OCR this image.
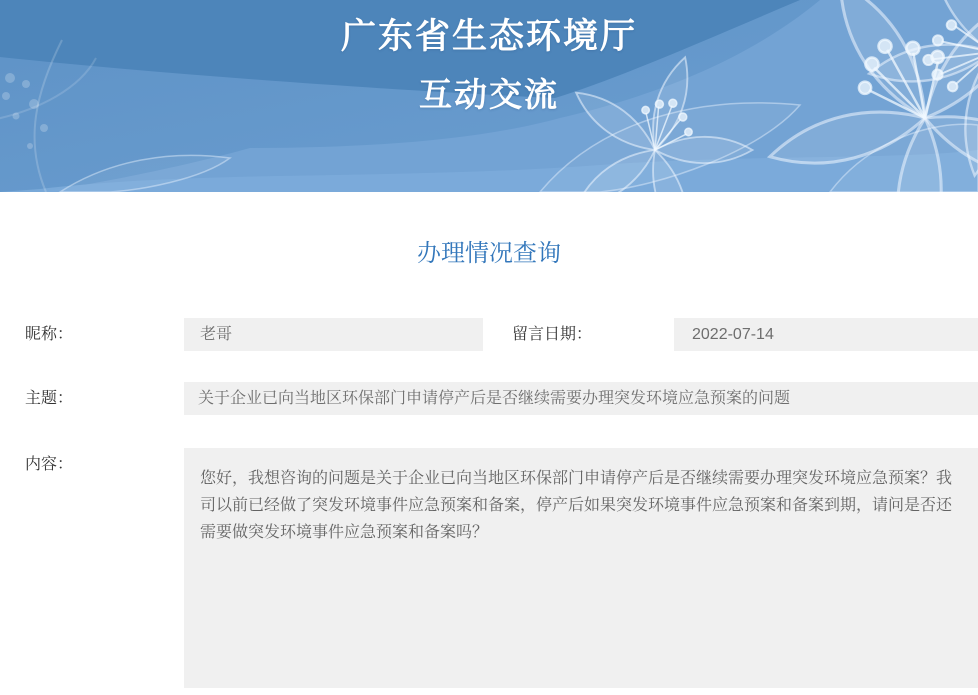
广东省生态环境厅
互动交流
办理情况查询
昵称：	老哥	留言日期：	2022-07-14
主题：	关于企业已向当地区环保部门申请停产后是否继续需要办理突发环境应急预案的问题
内容：
您好，我想咨询的问题是关于企业已向当地区环保部门申请停产后是否继续需要办理突发环境应急预案？我司以前已经做了突发环境事件应急预案和备案，停产后如果突发环境事件应急预案和备案到期，请问是否还需要做突发环境事件应急预案和备案吗？
